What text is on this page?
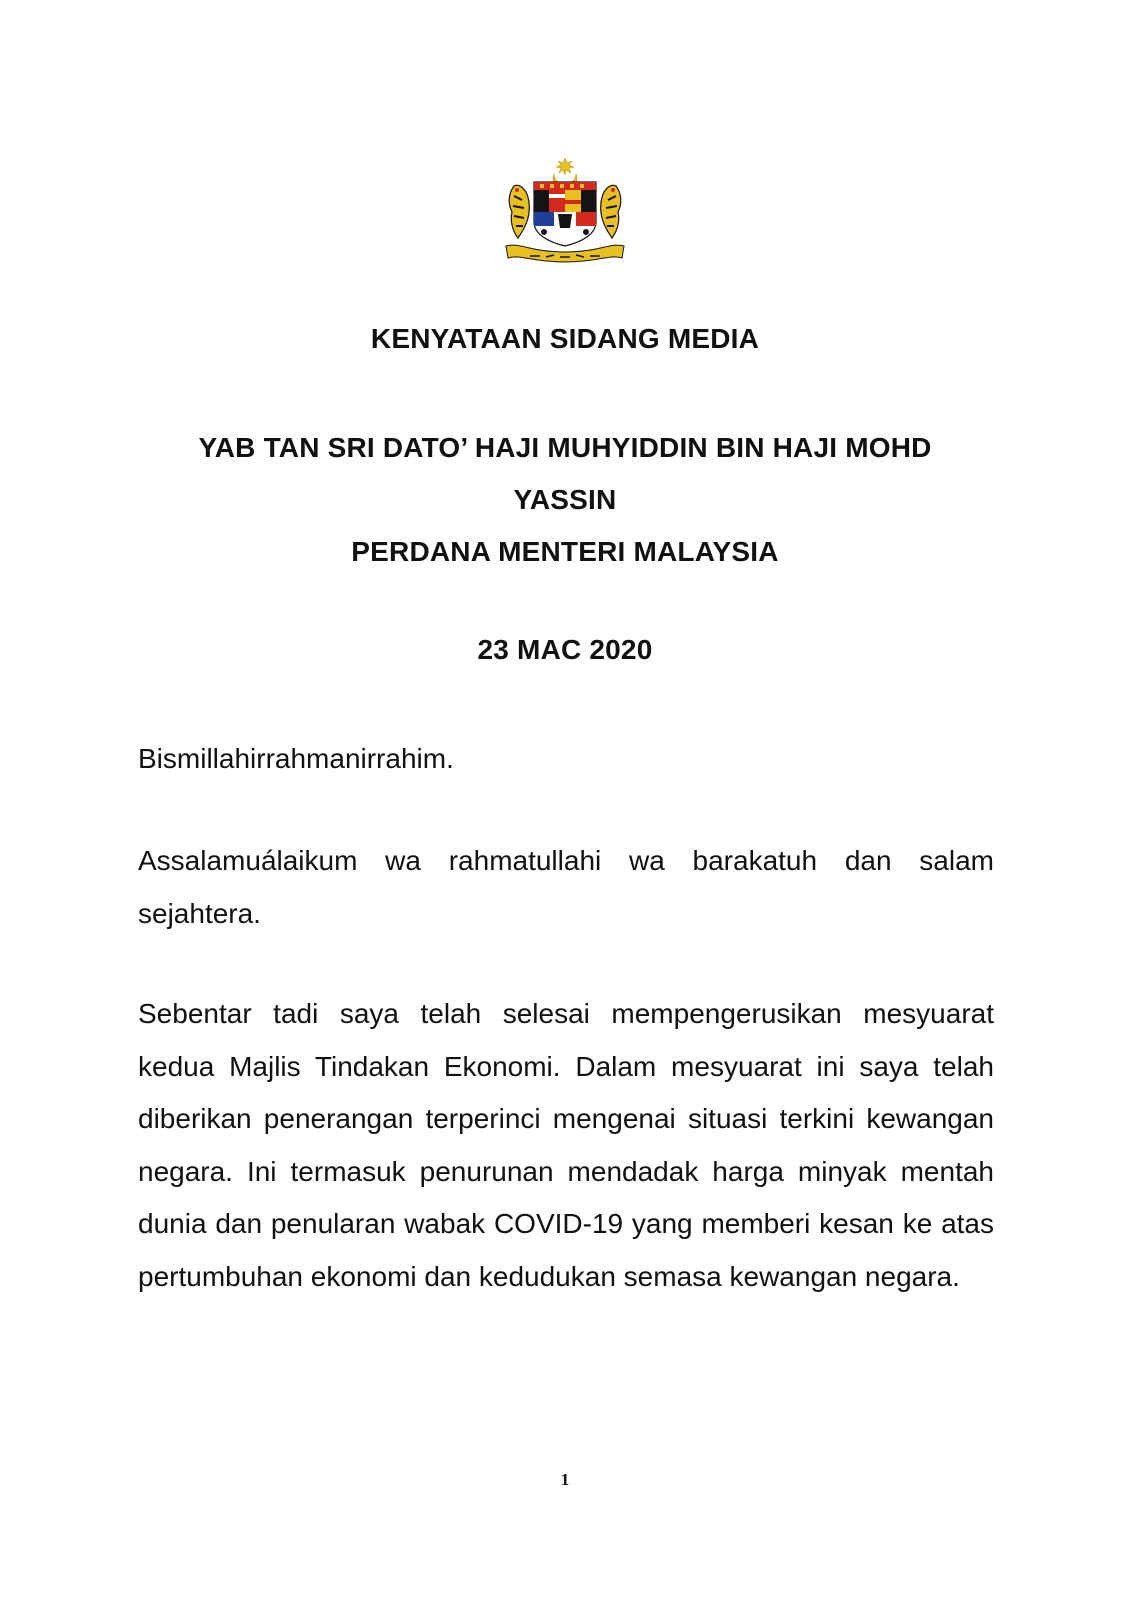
KENYATAAN SIDANG MEDIA
YAB TAN SRI DATO’ HAJI MUHYIDDIN BIN HAJI MOHD
YASSIN
PERDANA MENTERI MALAYSIA
23 MAC 2020

Bismillahirrahmanirrahim.

Assalamuálaikum wa rahmatullahi wa barakatuh dan salam sejahtera.

Sebentar tadi saya telah selesai mempengerusikan mesyuarat kedua Majlis Tindakan Ekonomi. Dalam mesyuarat ini saya telah diberikan penerangan terperinci mengenai situasi terkini kewangan negara. Ini termasuk penurunan mendadak harga minyak mentah dunia dan penularan wabak COVID-19 yang memberi kesan ke atas pertumbuhan ekonomi dan kedudukan semasa kewangan negara.

1
